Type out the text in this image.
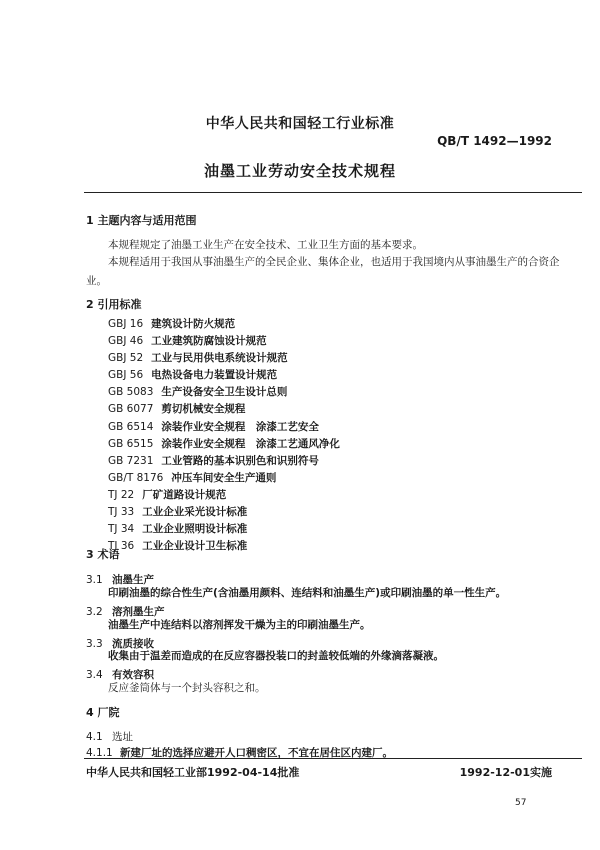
中华人民共和国轻工行业标准
QB/T 1492—1992
油墨工业劳动安全技术规程
1 主题内容与适用范围
本规程规定了油墨工业生产在安全技术、工业卫生方面的基本要求。
本规程适用于我国从事油墨生产的全民企业、集体企业，也适用于我国境内从事油墨生产的合资企业。
2 引用标准
GBJ 16 建筑设计防火规范
GBJ 46 工业建筑防腐蚀设计规范
GBJ 52 工业与民用供电系统设计规范
GBJ 56 电热设备电力装置设计规范
GB 5083 生产设备安全卫生设计总则
GB 6077 剪切机械安全规程
GB 6514 涂装作业安全规程　涂漆工艺安全
GB 6515 涂装作业安全规程　涂漆工艺通风净化
GB 7231 工业管路的基本识别色和识别符号
GB/T 8176 冲压车间安全生产通则
TJ 22 厂矿道路设计规范
TJ 33 工业企业采光设计标准
TJ 34 工业企业照明设计标准
TJ 36 工业企业设计卫生标准
3 术语
3.1 油墨生产
印刷油墨的综合性生产(含油墨用颜料、连结料和油墨生产)或印刷油墨的单一性生产。
3.2 溶剂墨生产
油墨生产中连结料以溶剂挥发干燥为主的印刷油墨生产。
3.3 流质接收
收集由于温差而造成的在反应容器投装口的封盖较低端的外缘滴落凝液。
3.4 有效容积
反应釜筒体与一个封头容积之和。
4 厂院
4.1 选址
4.1.1 新建厂址的选择应避开人口稠密区，不宜在居住区内建厂。
中华人民共和国轻工业部1992-04-14批准	1992-12-01实施
57
